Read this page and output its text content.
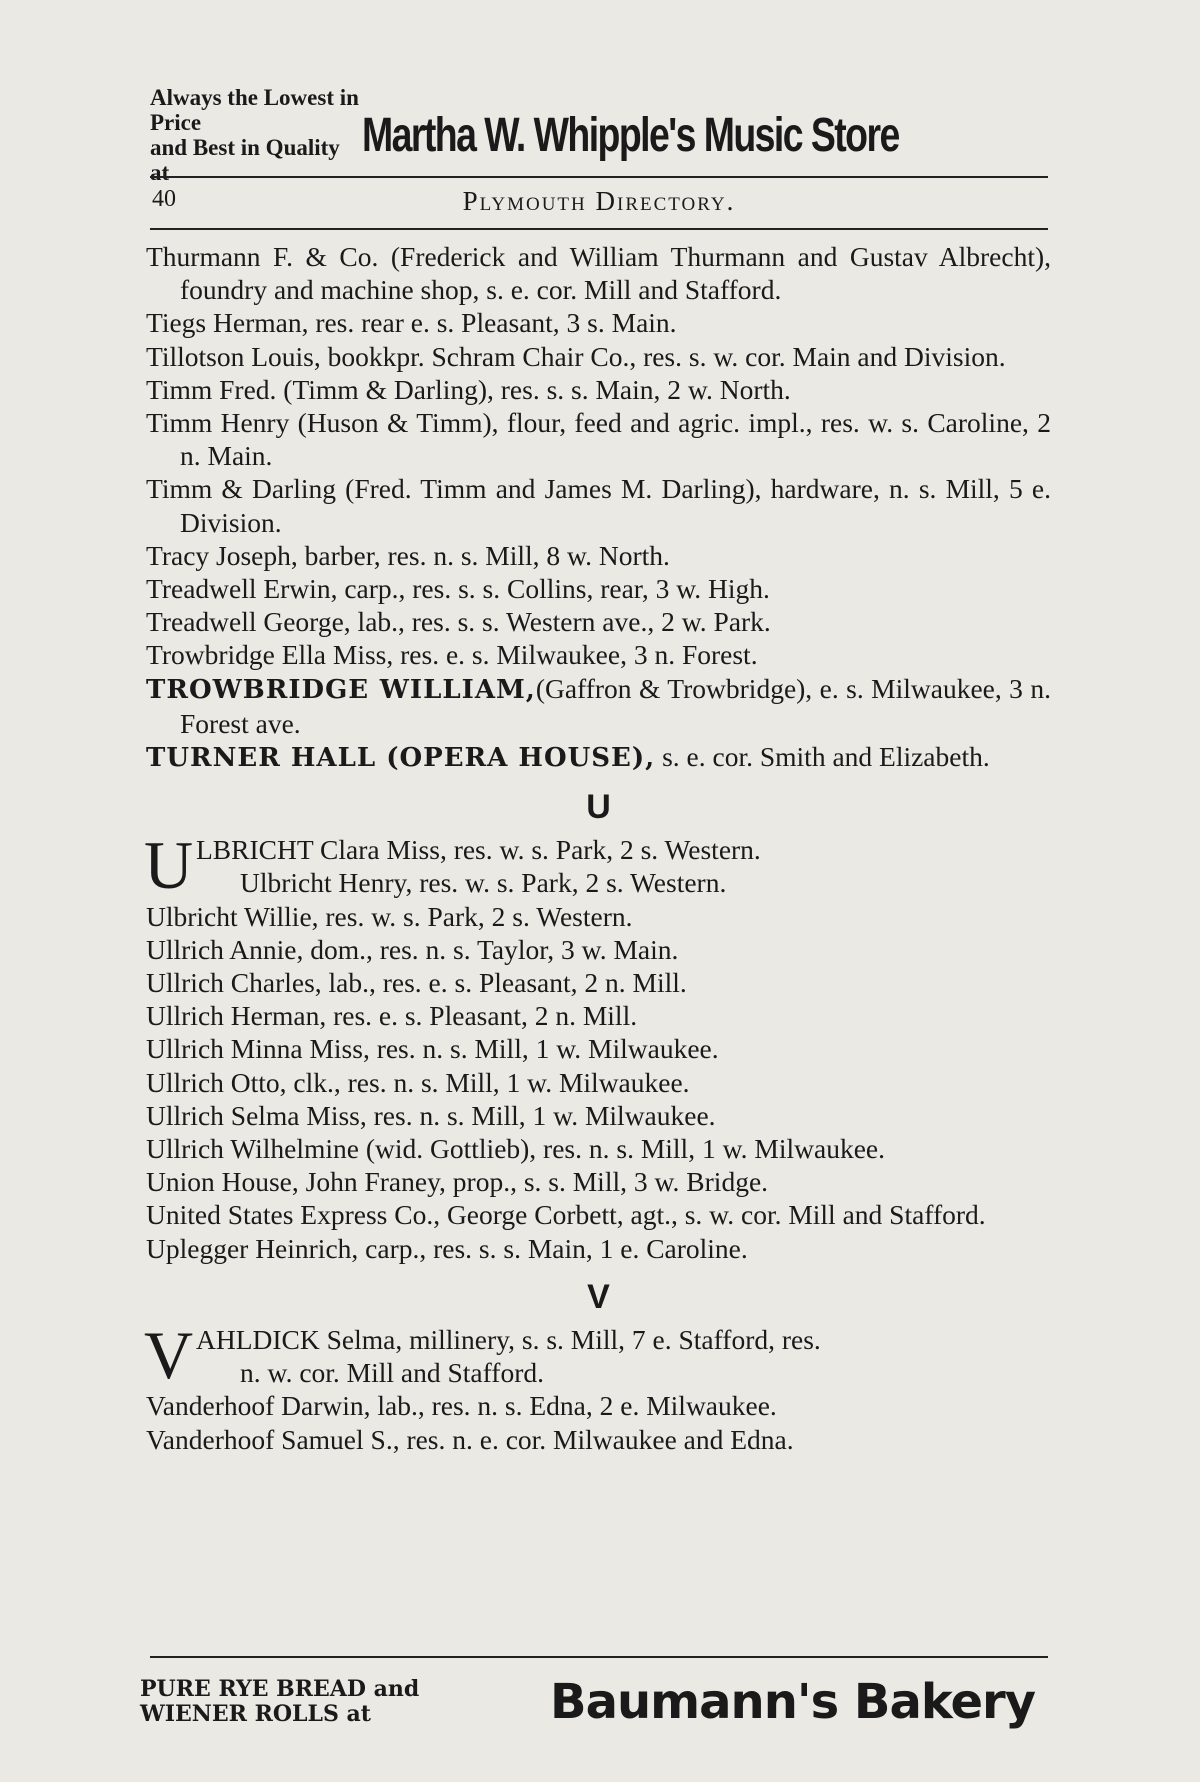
Always the Lowest in Price
and Best in Quality at
Martha W. Whipple's Music Store
40	Plymouth Directory.

Thurmann F. & Co. (Frederick and William Thurmann and Gustav Albrecht), foundry and machine shop, s. e. cor. Mill and Stafford.

Tiegs Herman, res. rear e. s. Pleasant, 3 s. Main.

Tillotson Louis, bookkpr. Schram Chair Co., res. s. w. cor. Main and Division.

Timm Fred. (Timm & Darling), res. s. s. Main, 2 w. North.

Timm Henry (Huson & Timm), flour, feed and agric. impl., res. w. s. Caroline, 2 n. Main.

Timm & Darling (Fred. Timm and James M. Darling), hardware, n. s. Mill, 5 e. Division.

Tracy Joseph, barber, res. n. s. Mill, 8 w. North.

Treadwell Erwin, carp., res. s. s. Collins, rear, 3 w. High.

Treadwell George, lab., res. s. s. Western ave., 2 w. Park.

Trowbridge Ella Miss, res. e. s. Milwaukee, 3 n. Forest.

TROWBRIDGE WILLIAM,(Gaffron & Trowbridge), e. s. Milwaukee, 3 n. Forest ave.

TURNER HALL (OPERA HOUSE), s. e. cor. Smith and Elizabeth.

U
U LBRICHT Clara Miss, res. w. s. Park, 2 s. Western.
Ulbricht Henry, res. w. s. Park, 2 s. Western.

Ulbricht Willie, res. w. s. Park, 2 s. Western.

Ullrich Annie, dom., res. n. s. Taylor, 3 w. Main.

Ullrich Charles, lab., res. e. s. Pleasant, 2 n. Mill.

Ullrich Herman, res. e. s. Pleasant, 2 n. Mill.

Ullrich Minna Miss, res. n. s. Mill, 1 w. Milwaukee.

Ullrich Otto, clk., res. n. s. Mill, 1 w. Milwaukee.

Ullrich Selma Miss, res. n. s. Mill, 1 w. Milwaukee.

Ullrich Wilhelmine (wid. Gottlieb), res. n. s. Mill, 1 w. Milwaukee.

Union House, John Franey, prop., s. s. Mill, 3 w. Bridge.

United States Express Co., George Corbett, agt., s. w. cor. Mill and Stafford.

Uplegger Heinrich, carp., res. s. s. Main, 1 e. Caroline.

V
V AHLDICK Selma, millinery, s. s. Mill, 7 e. Stafford, res.
n. w. cor. Mill and Stafford.

Vanderhoof Darwin, lab., res. n. s. Edna, 2 e. Milwaukee.

Vanderhoof Samuel S., res. n. e. cor. Milwaukee and Edna.

PURE RYE BREAD and
WIENER ROLLS at	Baumann's Bakery
